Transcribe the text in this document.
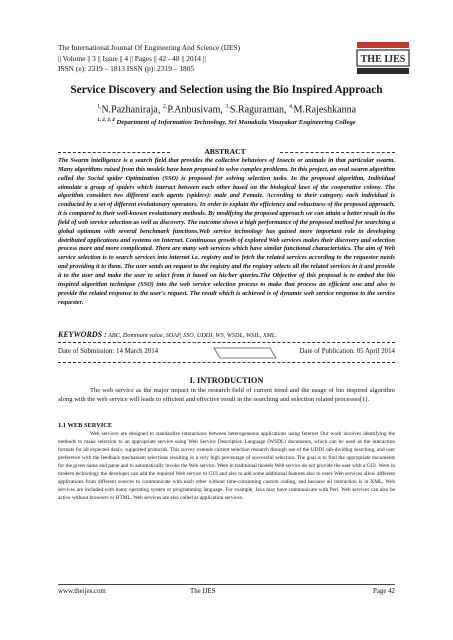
The International Journal Of Engineering And Science (IJES)
|| Volume || 3 || Issue || 4 || Pages || 42 - 48 || 2014 ||
ISSN (e): 2319 – 1813 ISSN (p): 2319 – 1805
THE IJES
Service Discovery and Selection using the Bio Inspired Approach
$^{1,}$N.Pazhaniraja, $^{2,}$P.Anbusivam, $^{3,}$S.Raguraman, $^{4,}$M.Rajeshkanna
$^{1, 2, 3, 4}$ Department of Information Technology, Sri Manakula Vinayakar Engineering College
ABSTRACT
The Swarm intelligence is a search field that provides the collective behaviors of Insects or animals in that particular swarm. Many algorithms raised from this models have been proposed to solve complex problems. In this project, an oval swarm algorithm called the Social spider Optimization (SSO) is proposed for solving selection tasks. In the proposed algorithm, Individual stimulate a group of spiders which interact between each other based on the biological laws of the cooperative colony. The algorithm considers two different each agents (spiders): male and Female. According to their category, each individual is conducted by a set of different evolutionary operators. In order to explain the efficiency and robustness of the proposed approach, it is compared to their well-known evolutionary methods. By modifying the proposed approach we can attain a better result in the field of web service selection as well as discovery. The outcome shows a high performance of the proposed method for searching a global optimum with several benchmark functions.Web service technology has gained more important role in developing distributed applications and systems on Internet. Continuous growth of explored Web services makes their discovery and selection process more and more complicated. There are many web services which have similar functional characteristics. The aim of Web service selection is to search services into internet i.e. registry and to fetch the related services according to the requestor needs and providing it to them. The user sends an request to the registry and the registry selects all the related services in it and provide it to the user and make the user to select from it based on his/her queries.The Objective of this proposal is to embed the bio inspired algorithm technique (SSO) into the web service selection process to make that process an efficient one and also to provide the related response to the user's request. The result which is achieved is of dynamic web service response to the service requester.
KEYWORDS : ABC, Dominant value, SOAP, SSO, UDDI, WS, WSDL, WSIL, XML.
Date of Submission: 14 March 2014	Date of Publication: 05 April 2014
I. INTRODUCTION

The web service as the major impact in the research field of current trend and the usage of bio inspired algorithm along with the web service will leads to efficient and effective result in the searching and selection related processes[1].

1.1 WEB SERVICE

Web services are designed to standardize interactions between heterogeneous applications using Internet Our work involves identifying the methods to make selection to an appropriate service using Web Service Description Language (WSDL) documents, which can be used as the interaction formats for all expected data's, supported protocols. This survey extends current selection research through use of the UDDI sub-dividing searching, and user preference with the feedback mechanism selections resulting in a very high percentage of successful selection. The goal is to find the appropriate documents for the given name and parse and to automatically invoke the Web service. Were in traditional models Web service do not provide the user with a GUI. Were in modern technology the developer can add the required Web service to GUI and also to add some additional features also to users Web services allow different applications from different sources to communicate with each other without time-consuming custom coding, and because all interaction is in XML, Web services are included with many operating system or programming language. For example, Java may have communicate with Perl. Web services can also be active without browsers or HTML. Web services are also called as application services.

www.theijes.com	The IJES	Page 42
